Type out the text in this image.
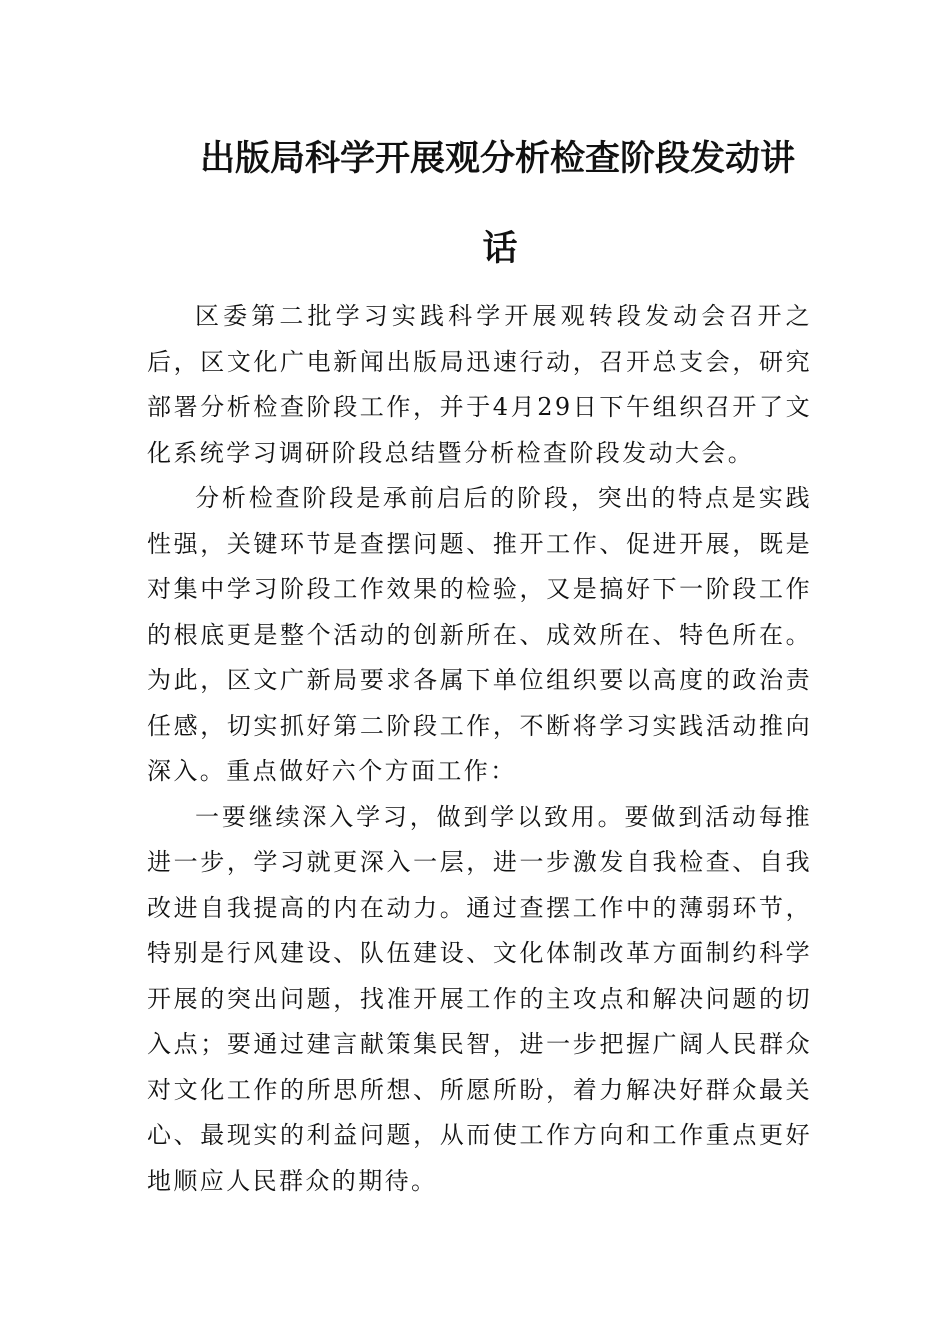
出版局科学开展观分析检查阶段发动讲
话

区委第二批学习实践科学开展观转段发动会召开之后，区文化广电新闻出版局迅速行动，召开总支会，研究部署分析检查阶段工作，并于4月29日下午组织召开了文化系统学习调研阶段总结暨分析检查阶段发动大会。

分析检查阶段是承前启后的阶段，突出的特点是实践性强，关键环节是查摆问题、推开工作、促进开展，既是对集中学习阶段工作效果的检验，又是搞好下一阶段工作的根底更是整个活动的创新所在、成效所在、特色所在。为此，区文广新局要求各属下单位组织要以高度的政治责任感，切实抓好第二阶段工作，不断将学习实践活动推向深入。重点做好六个方面工作：

一要继续深入学习，做到学以致用。要做到活动每推进一步，学习就更深入一层，进一步激发自我检查、自我改进自我提高的内在动力。通过查摆工作中的薄弱环节，特别是行风建设、队伍建设、文化体制改革方面制约科学开展的突出问题，找准开展工作的主攻点和解决问题的切入点；要通过建言献策集民智，进一步把握广阔人民群众对文化工作的所思所想、所愿所盼，着力解决好群众最关心、最现实的利益问题，从而使工作方向和工作重点更好地顺应人民群众的期待。
